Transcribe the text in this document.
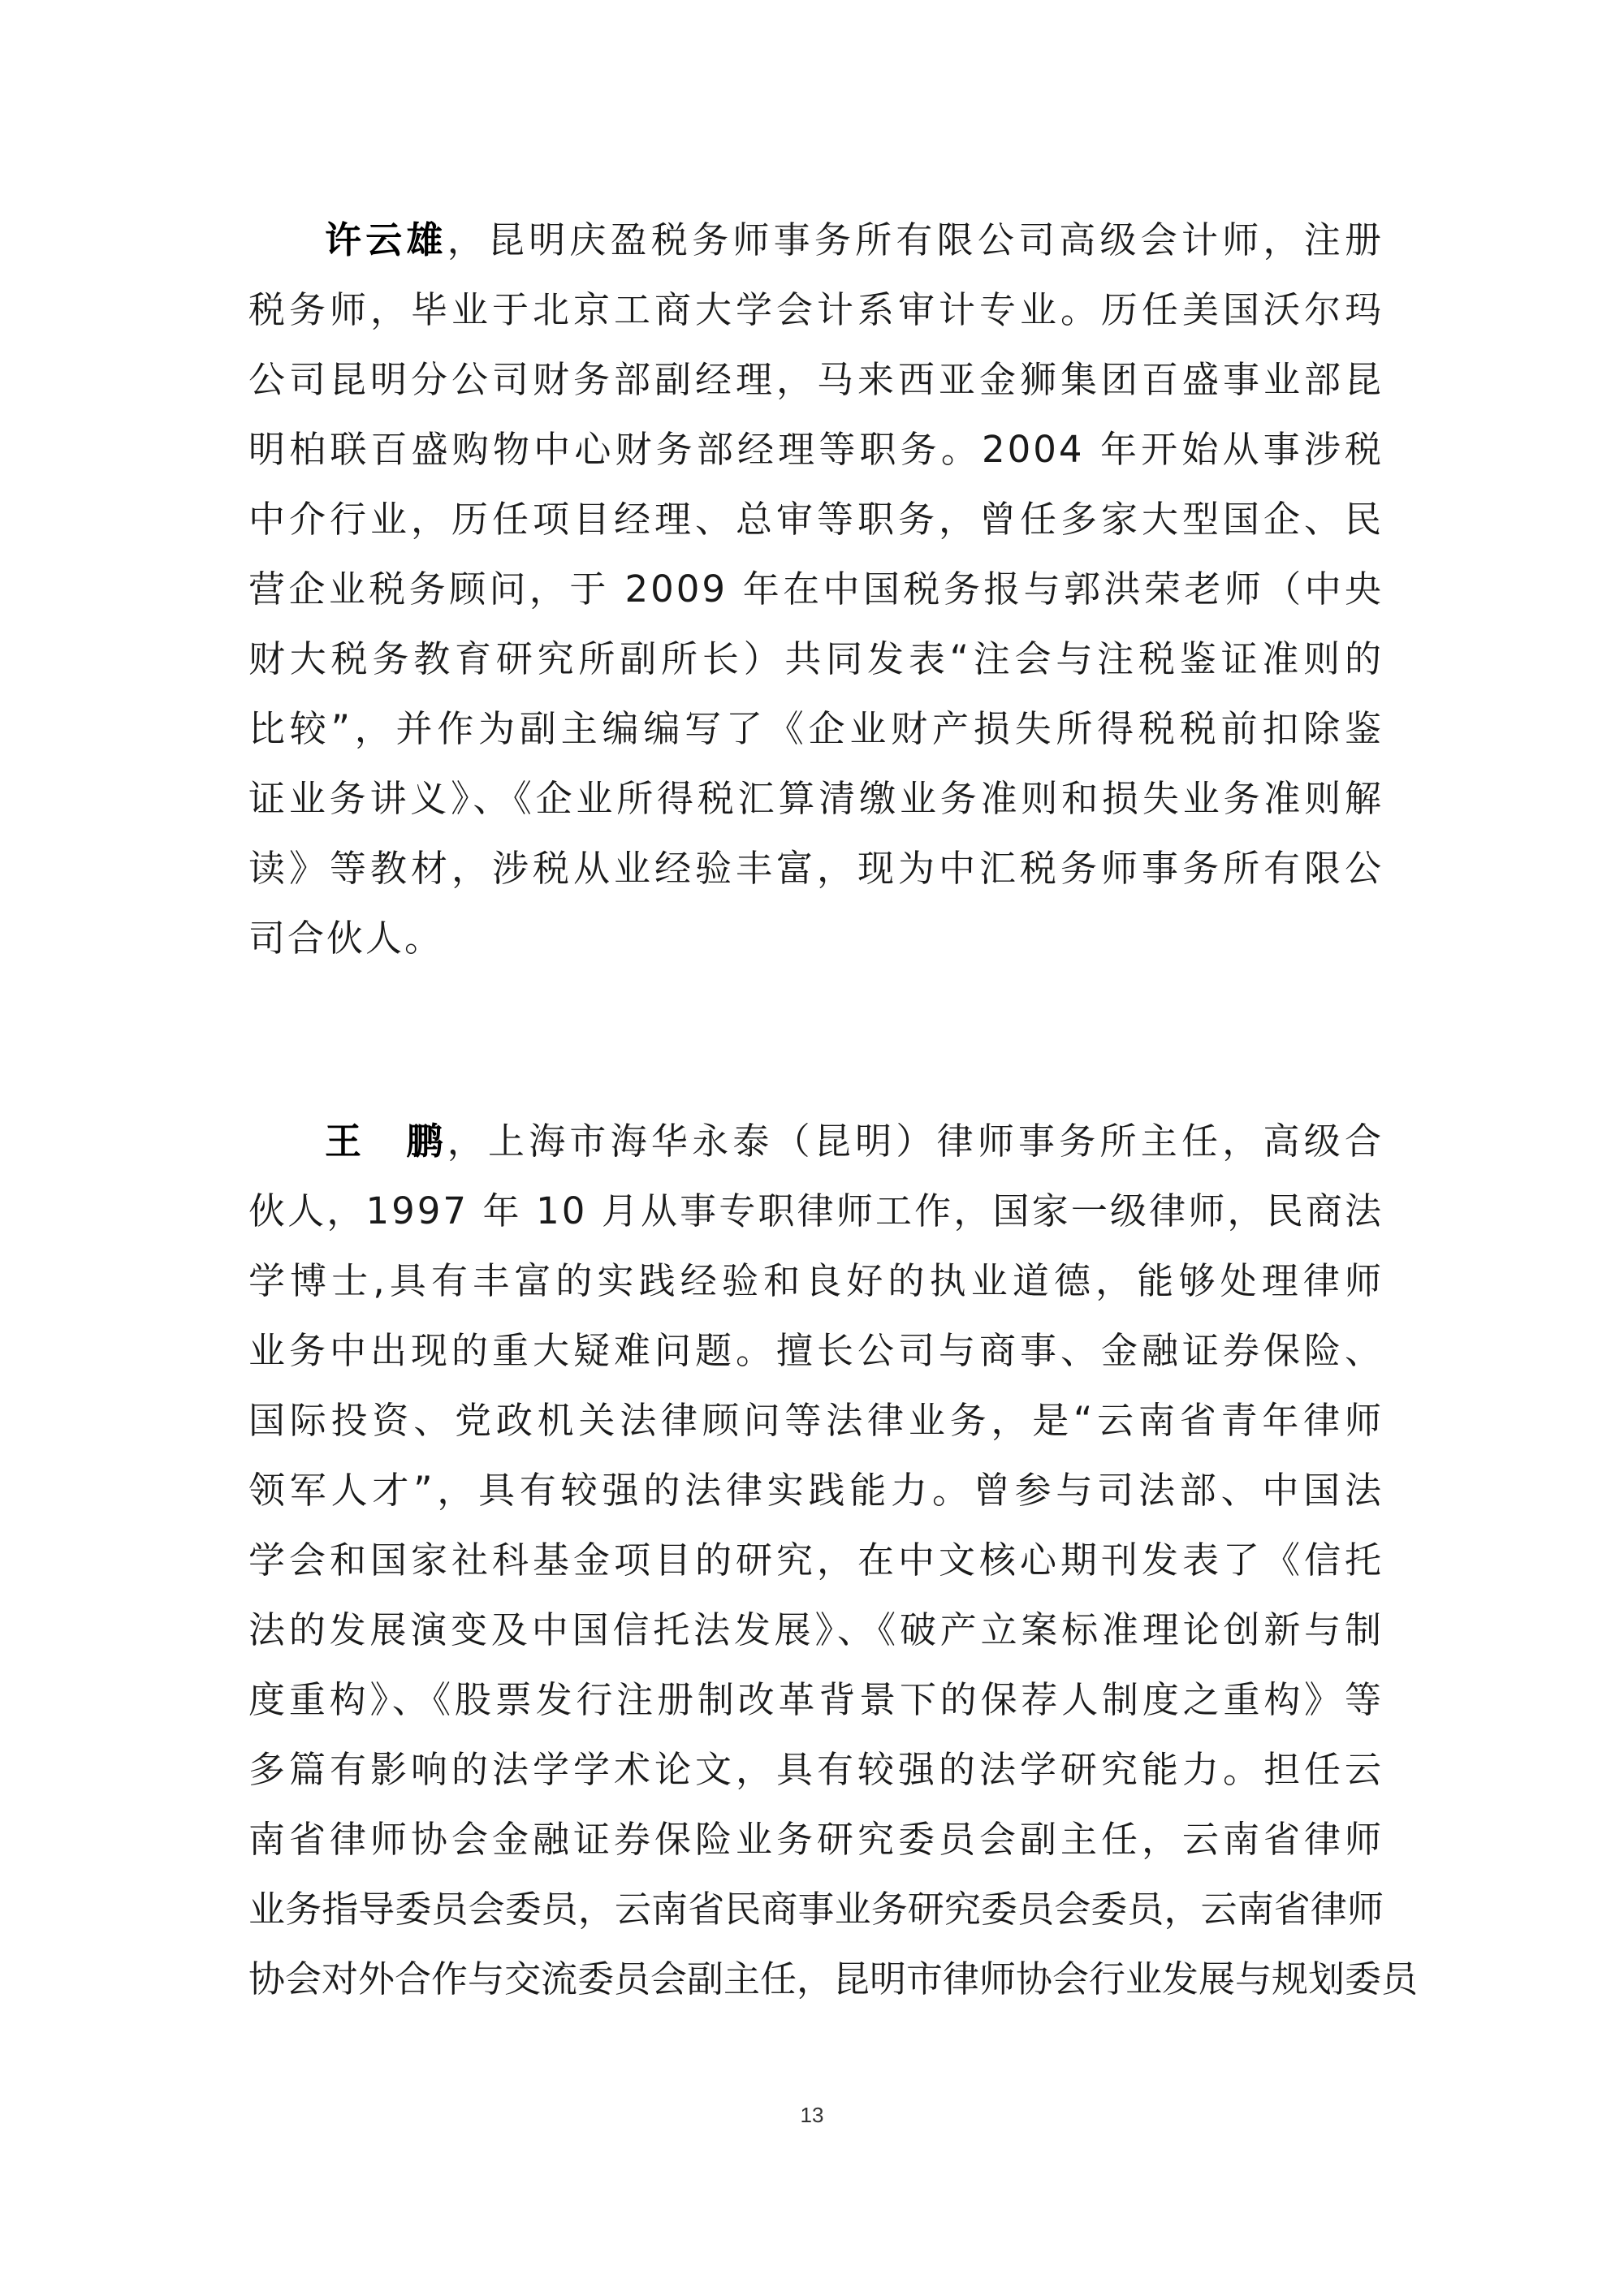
许云雄，昆明庆盈税务师事务所有限公司高级会计师，注册
税务师，毕业于北京工商大学会计系审计专业。历任美国沃尔玛
公司昆明分公司财务部副经理，马来西亚金狮集团百盛事业部昆
明柏联百盛购物中心财务部经理等职务。2004 年开始从事涉税
中介行业，历任项目经理、总审等职务，曾任多家大型国企、民
营企业税务顾问，于 2009 年在中国税务报与郭洪荣老师（中央
财大税务教育研究所副所长）共同发表“注会与注税鉴证准则的
比较”，并作为副主编编写了《企业财产损失所得税税前扣除鉴
证业务讲义》、《企业所得税汇算清缴业务准则和损失业务准则解
读》等教材，涉税从业经验丰富，现为中汇税务师事务所有限公
司合伙人。
王　鹏，上海市海华永泰（昆明）律师事务所主任，高级合
伙人，1997 年 10 月从事专职律师工作，国家一级律师，民商法
学博士,具有丰富的实践经验和良好的执业道德，能够处理律师
业务中出现的重大疑难问题。擅长公司与商事、金融证券保险、
国际投资、党政机关法律顾问等法律业务，是“云南省青年律师
领军人才”，具有较强的法律实践能力。曾参与司法部、中国法
学会和国家社科基金项目的研究，在中文核心期刊发表了《信托
法的发展演变及中国信托法发展》、《破产立案标准理论创新与制
度重构》、《股票发行注册制改革背景下的保荐人制度之重构》等
多篇有影响的法学学术论文，具有较强的法学研究能力。担任云
南省律师协会金融证券保险业务研究委员会副主任，云南省律师
业务指导委员会委员，云南省民商事业务研究委员会委员，云南省律师
协会对外合作与交流委员会副主任，昆明市律师协会行业发展与规划委员
13
